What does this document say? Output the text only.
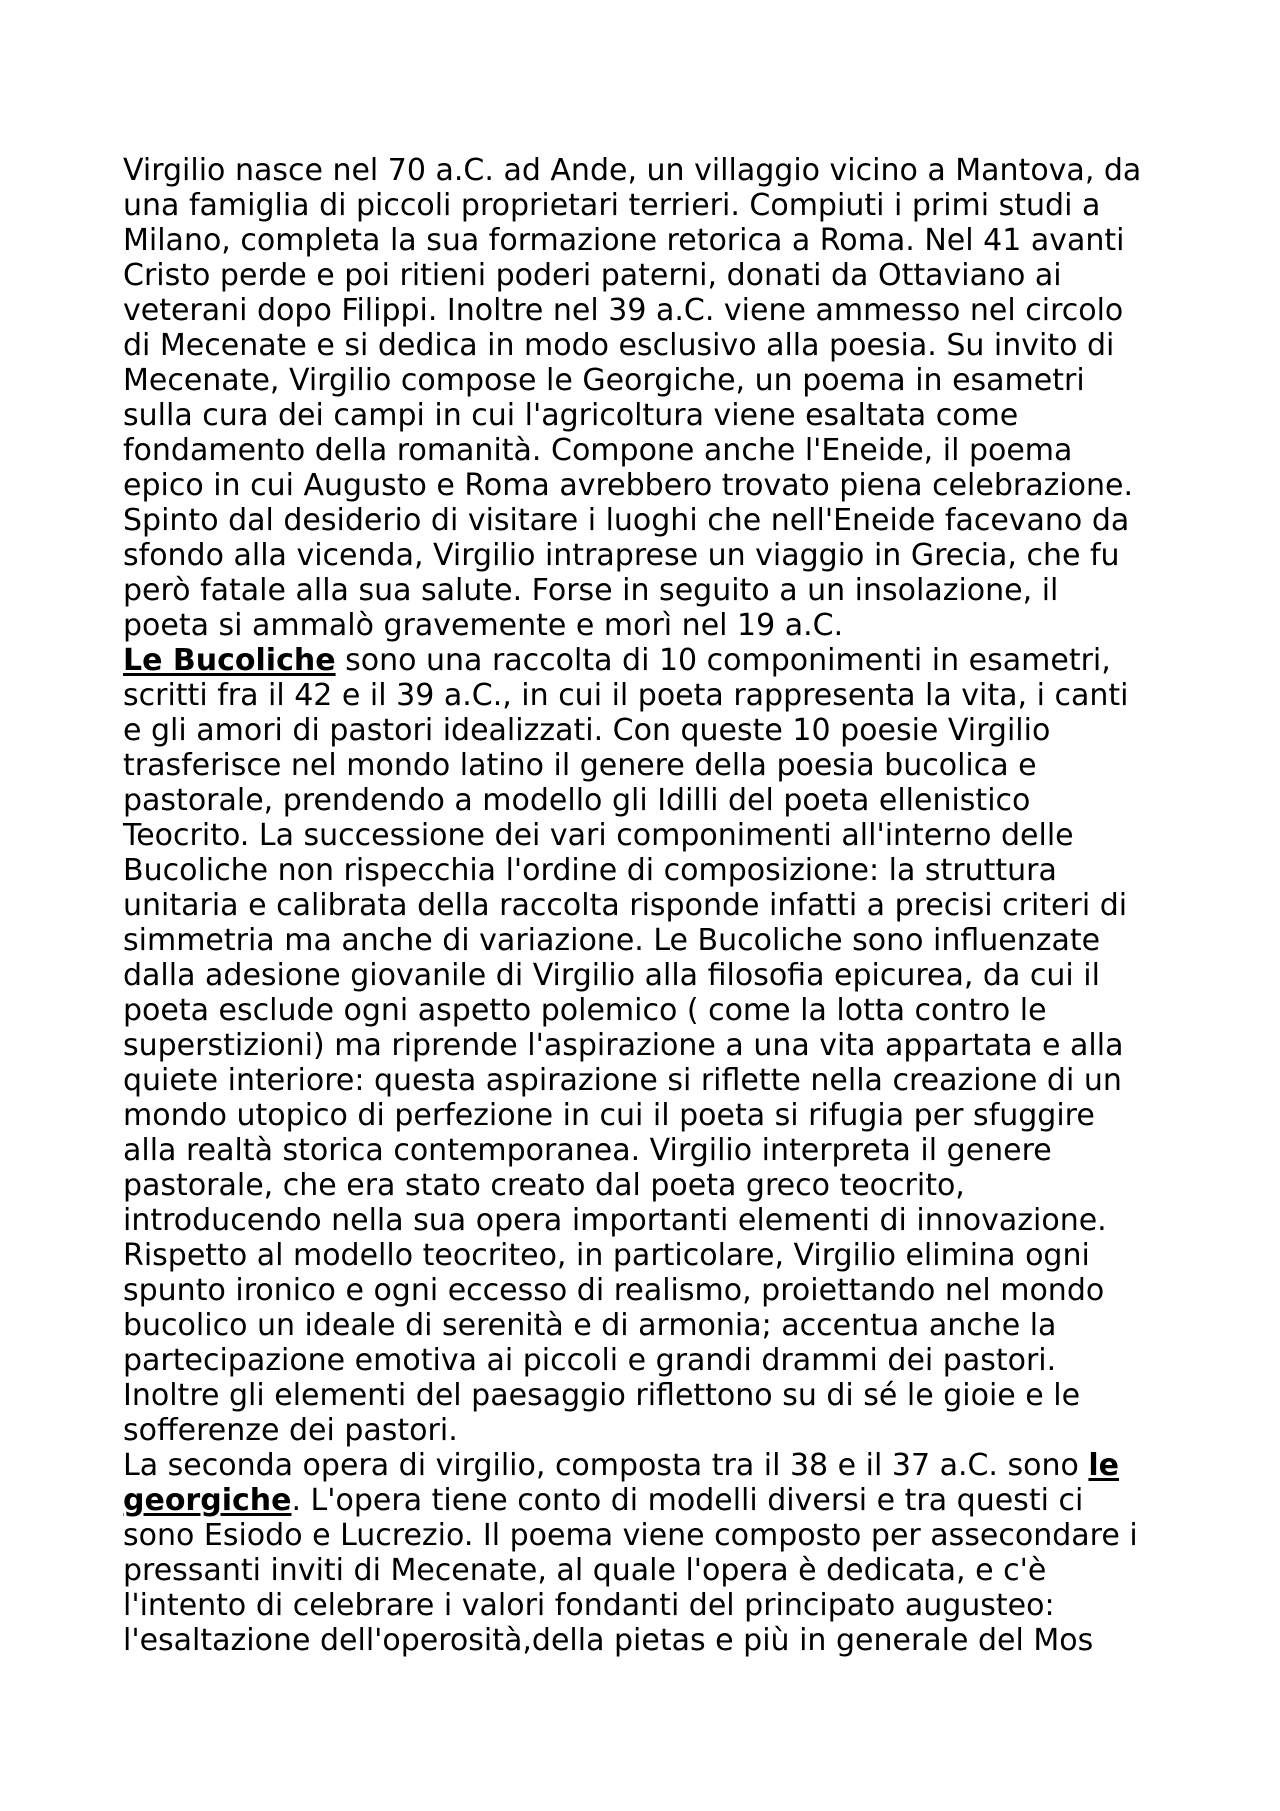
Virgilio nasce nel 70 a.C. ad Ande, un villaggio vicino a Mantova, da
una famiglia di piccoli proprietari terrieri. Compiuti i primi studi a
Milano, completa la sua formazione retorica a Roma. Nel 41 avanti
Cristo perde e poi ritieni poderi paterni, donati da Ottaviano ai
veterani dopo Filippi. Inoltre nel 39 a.C. viene ammesso nel circolo
di Mecenate e si dedica in modo esclusivo alla poesia. Su invito di
Mecenate, Virgilio compose le Georgiche, un poema in esametri
sulla cura dei campi in cui l'agricoltura viene esaltata come
fondamento della romanità. Compone anche l'Eneide, il poema
epico in cui Augusto e Roma avrebbero trovato piena celebrazione.
Spinto dal desiderio di visitare i luoghi che nell'Eneide facevano da
sfondo alla vicenda, Virgilio intraprese un viaggio in Grecia, che fu
però fatale alla sua salute. Forse in seguito a un insolazione, il
poeta si ammalò gravemente e morì nel 19 a.C.
Le Bucoliche sono una raccolta di 10 componimenti in esametri,
scritti fra il 42 e il 39 a.C., in cui il poeta rappresenta la vita, i canti
e gli amori di pastori idealizzati. Con queste 10 poesie Virgilio
trasferisce nel mondo latino il genere della poesia bucolica e
pastorale, prendendo a modello gli Idilli del poeta ellenistico
Teocrito. La successione dei vari componimenti all'interno delle
Bucoliche non rispecchia l'ordine di composizione: la struttura
unitaria e calibrata della raccolta risponde infatti a precisi criteri di
simmetria ma anche di variazione. Le Bucoliche sono influenzate
dalla adesione giovanile di Virgilio alla filosofia epicurea, da cui il
poeta esclude ogni aspetto polemico ( come la lotta contro le
superstizioni) ma riprende l'aspirazione a una vita appartata e alla
quiete interiore: questa aspirazione si riflette nella creazione di un
mondo utopico di perfezione in cui il poeta si rifugia per sfuggire
alla realtà storica contemporanea. Virgilio interpreta il genere
pastorale, che era stato creato dal poeta greco teocrito,
introducendo nella sua opera importanti elementi di innovazione.
Rispetto al modello teocriteo, in particolare, Virgilio elimina ogni
spunto ironico e ogni eccesso di realismo, proiettando nel mondo
bucolico un ideale di serenità e di armonia; accentua anche la
partecipazione emotiva ai piccoli e grandi drammi dei pastori.
Inoltre gli elementi del paesaggio riflettono su di sé le gioie e le
sofferenze dei pastori.
La seconda opera di virgilio, composta tra il 38 e il 37 a.C. sono le
georgiche. L'opera tiene conto di modelli diversi e tra questi ci
sono Esiodo e Lucrezio. Il poema viene composto per assecondare i
pressanti inviti di Mecenate, al quale l'opera è dedicata, e c'è
l'intento di celebrare i valori fondanti del principato augusteo:
l'esaltazione dell'operosità,della pietas e più in generale del Mos
